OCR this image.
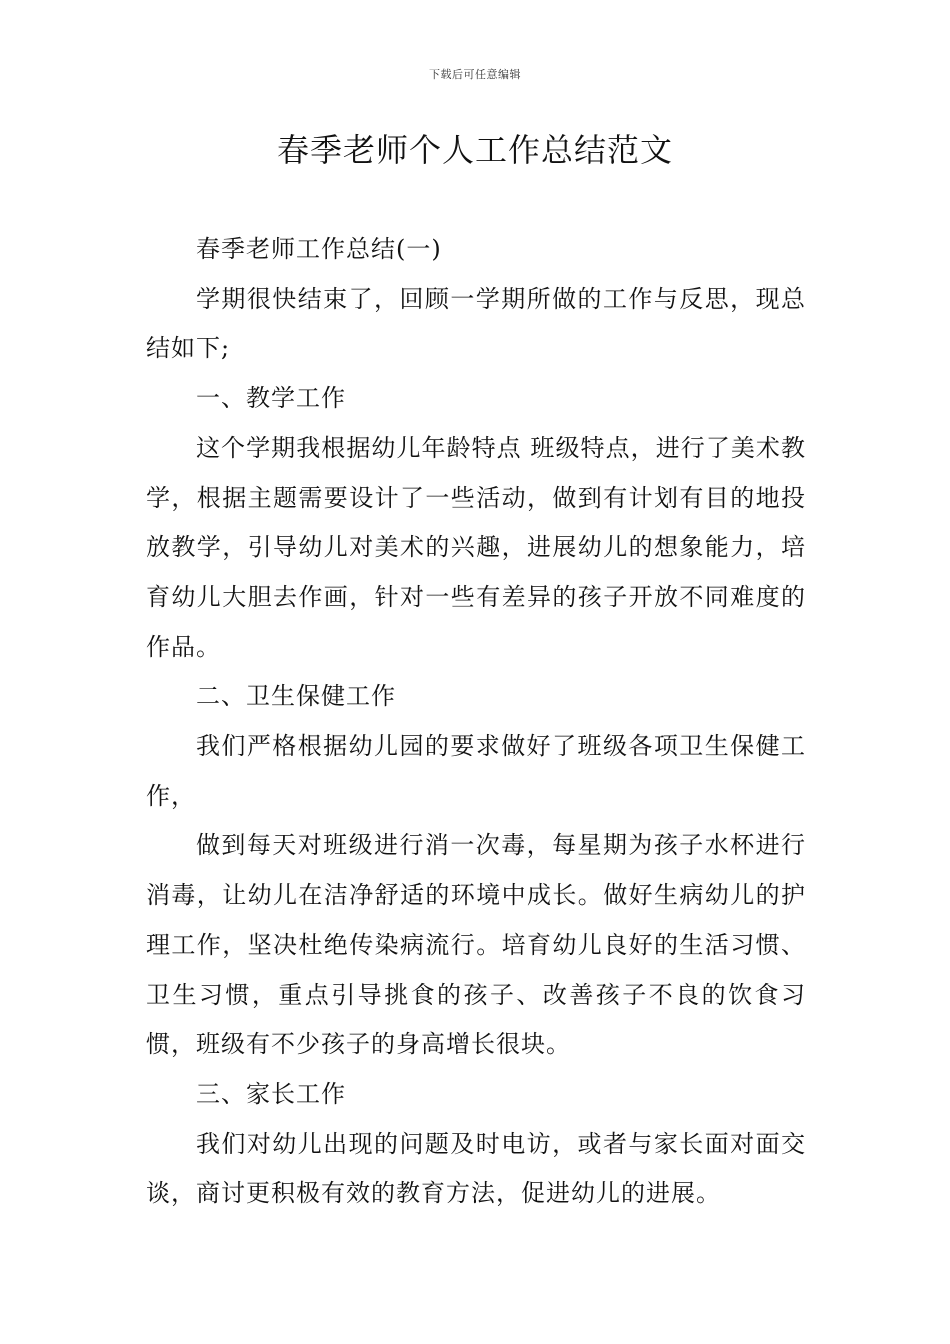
下载后可任意编辑
春季老师个人工作总结范文

春季老师工作总结(一)

学期很快结束了，回顾一学期所做的工作与反思，现总结如下;

一、教学工作

这个学期我根据幼儿年龄特点 班级特点，进行了美术教学，根据主题需要设计了一些活动，做到有计划有目的地投放教学，引导幼儿对美术的兴趣，进展幼儿的想象能力，培育幼儿大胆去作画，针对一些有差异的孩子开放不同难度的作品。

二、卫生保健工作

我们严格根据幼儿园的要求做好了班级各项卫生保健工作，

做到每天对班级进行消一次毒，每星期为孩子水杯进行消毒，让幼儿在洁净舒适的环境中成长。做好生病幼儿的护理工作，坚决杜绝传染病流行。培育幼儿良好的生活习惯、卫生习惯，重点引导挑食的孩子、改善孩子不良的饮食习惯，班级有不少孩子的身高增长很块。

三、家长工作

我们对幼儿出现的问题及时电访，或者与家长面对面交谈，商讨更积极有效的教育方法，促进幼儿的进展。
